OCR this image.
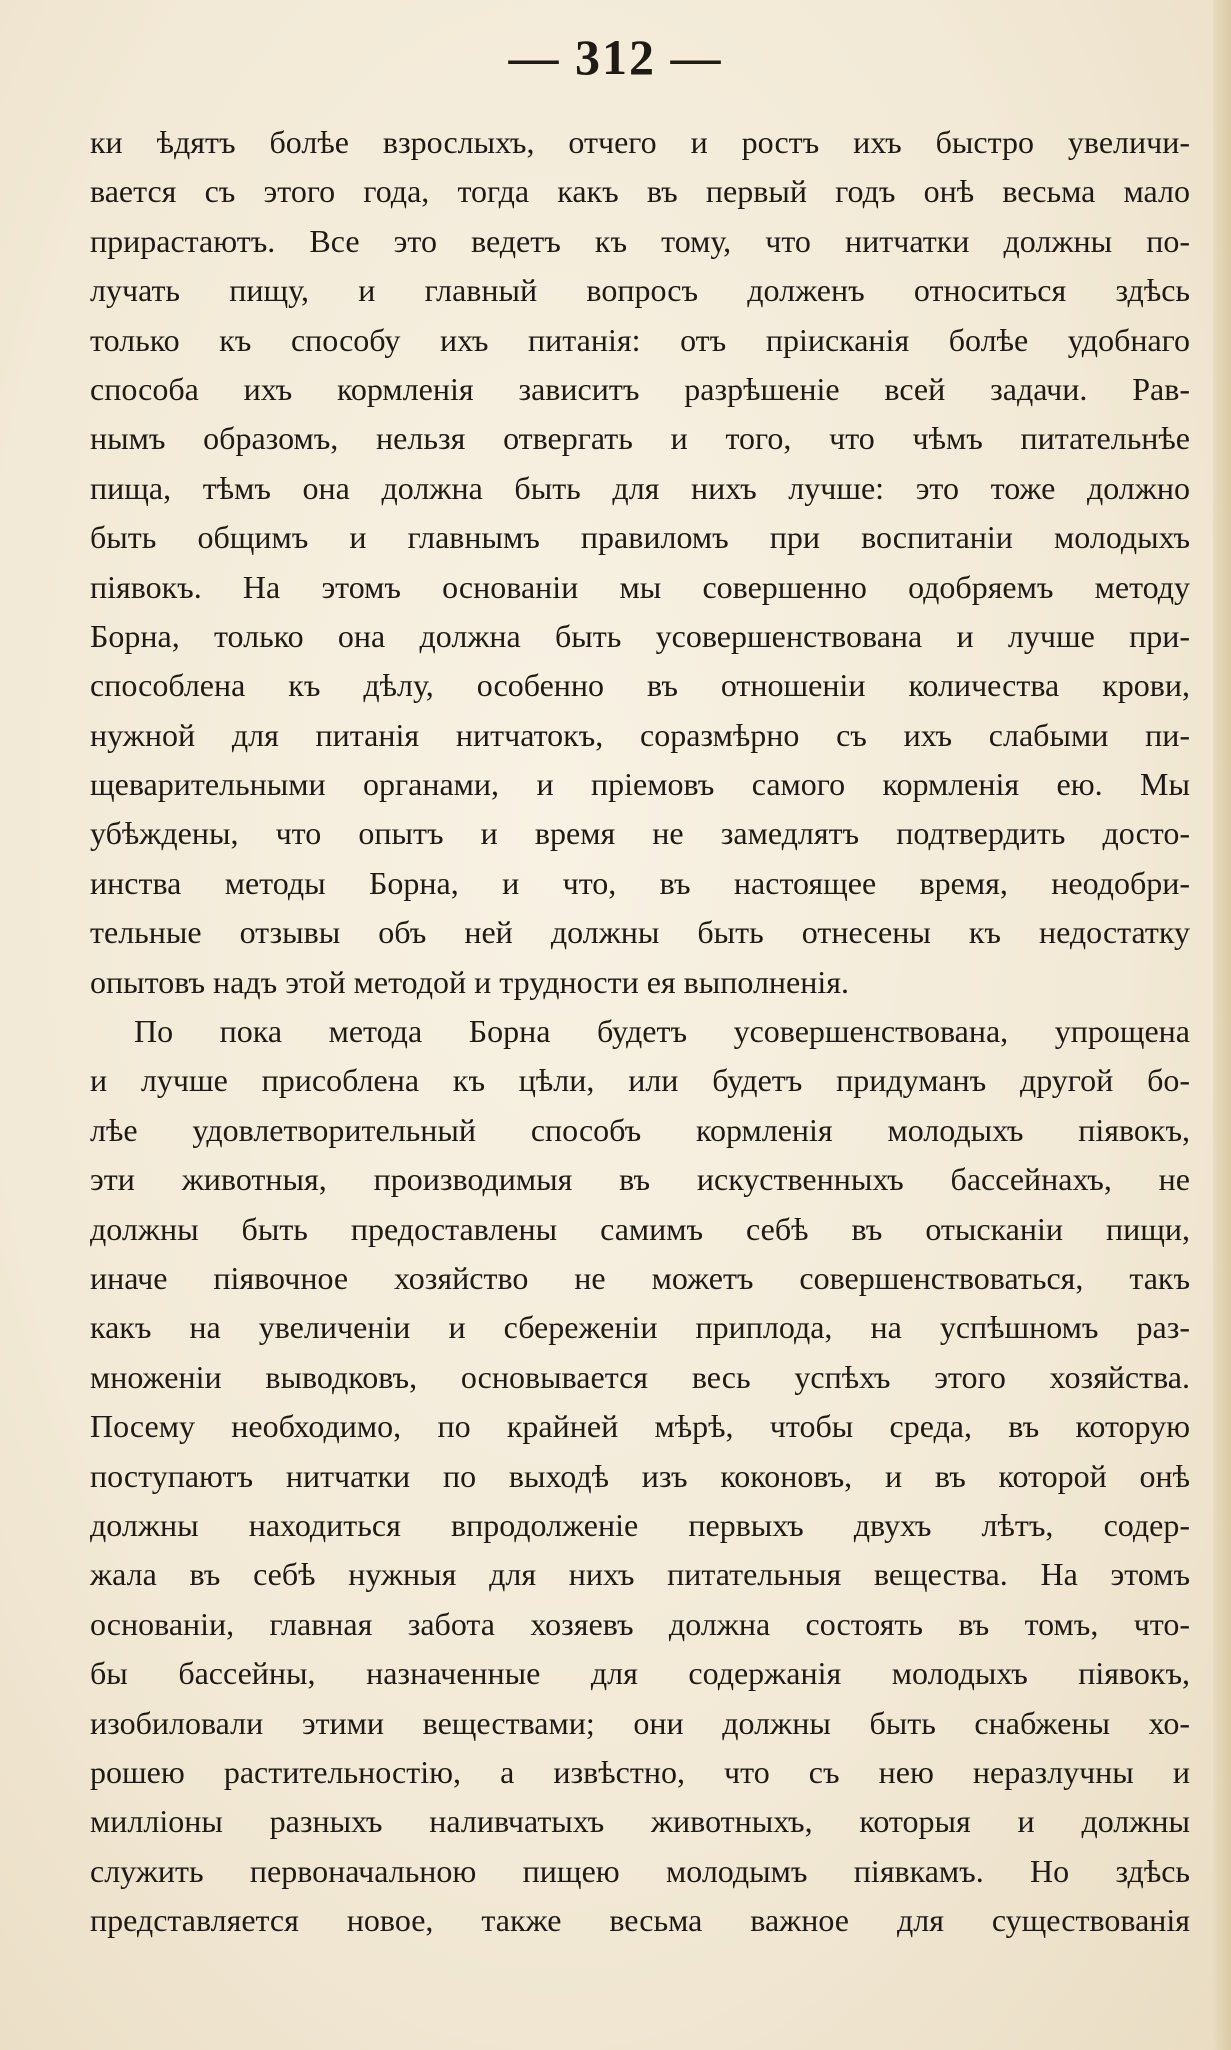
— 312 —
ки ѣдятъ болѣе взрослыхъ, отчего и ростъ ихъ быстро увеличи-
вается съ этого года, тогда какъ въ первый годъ онѣ весьма мало
прирастаютъ. Все это ведетъ къ тому, что нитчатки должны по-
лучать пищу, и главный вопросъ долженъ относиться здѣсь
только къ способу ихъ питанія: отъ прiисканія болѣе удобнаго
способа ихъ кормленія зависитъ разрѣшеніе всей задачи. Рав-
нымъ образомъ, нельзя отвергать и того, что чѣмъ питательнѣе
пища, тѣмъ она должна быть для нихъ лучше: это тоже должно
быть общимъ и главнымъ правиломъ при воспитаніи молодыхъ
піявокъ. На этомъ основаніи мы совершенно одобряемъ методу
Борна, только она должна быть усовершенствована и лучше при-
способлена къ дѣлу, особенно въ отношеніи количества крови,
нужной для питанія нитчатокъ, соразмѣрно съ ихъ слабыми пи-
щеварительными органами, и пріемовъ самого кормленія ею. Мы
убѣждены, что опытъ и время не замедлятъ подтвердить досто-
инства методы Борна, и что, въ настоящее время, неодобри-
тельные отзывы объ ней должны быть отнесены къ недостатку
опытовъ надъ этой методой и трудности ея выполненія.
По пока метода Борна будетъ усовершенствована, упрощена
и лучше присоблена къ цѣли, или будетъ придуманъ другой бо-
лѣе удовлетворительный способъ кормленія молодыхъ піявокъ,
эти животныя, производимыя въ искуственныхъ бассейнахъ, не
должны быть предоставлены самимъ себѣ въ отысканіи пищи,
иначе піявочное хозяйство не можетъ совершенствоваться, такъ
какъ на увеличеніи и сбереженіи приплода, на успѣшномъ раз-
множеніи выводковъ, основывается весь успѣхъ этого хозяйства.
Посему необходимо, по крайней мѣрѣ, чтобы среда, въ которую
поступаютъ нитчатки по выходѣ изъ коконовъ, и въ которой онѣ
должны находиться впродолженіе первыхъ двухъ лѣтъ, содер-
жала въ себѣ нужныя для нихъ питательныя вещества. На этомъ
основаніи, главная забота хозяевъ должна состоять въ томъ, что-
бы бассейны, назначенные для содержанія молодыхъ піявокъ,
изобиловали этими веществами; они должны быть снабжены хо-
рошею растительностію, а извѣстно, что съ нею неразлучны и
милліоны разныхъ наливчатыхъ животныхъ, которыя и должны
служить первоначальною пищею молодымъ піявкамъ. Но здѣсь
представляется новое, также весьма важное для существованія
